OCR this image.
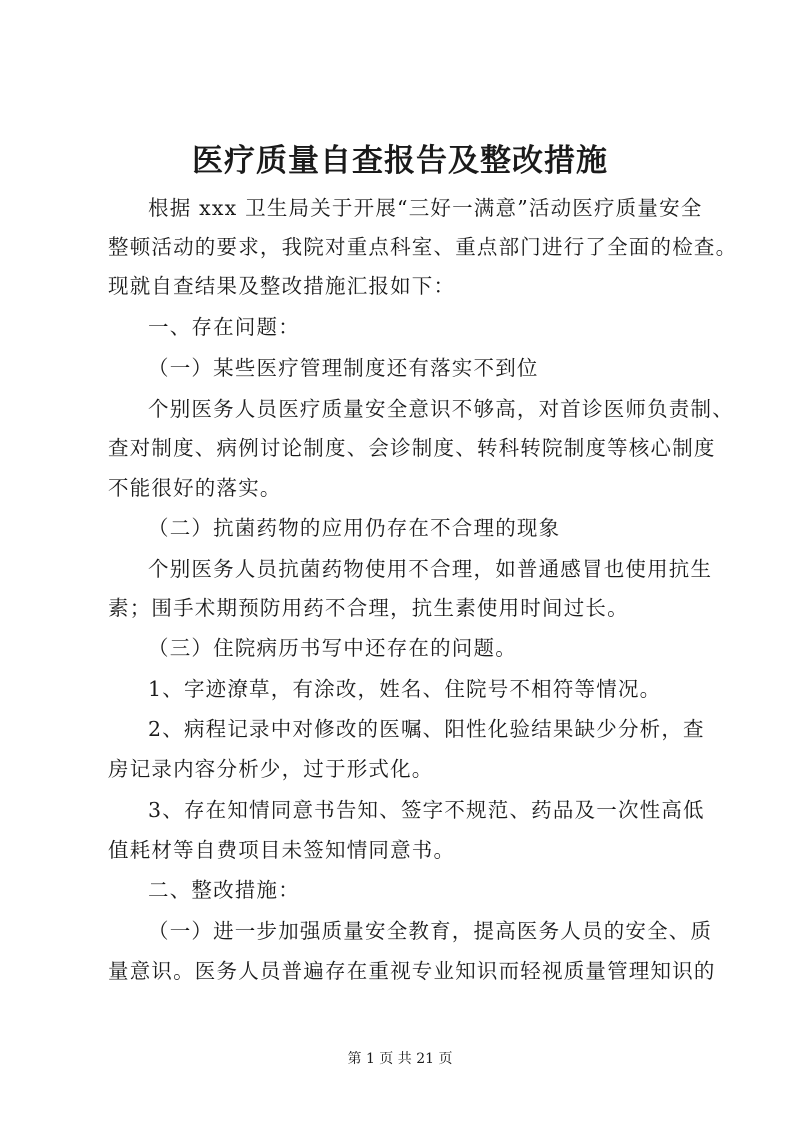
医疗质量自查报告及整改措施
根据 xxx 卫生局关于开展“三好一满意”活动医疗质量安全
整顿活动的要求，我院对重点科室、重点部门进行了全面的检查。
现就自查结果及整改措施汇报如下：
一、存在问题：
（一）某些医疗管理制度还有落实不到位
个别医务人员医疗质量安全意识不够高，对首诊医师负责制、
查对制度、病例讨论制度、会诊制度、转科转院制度等核心制度
不能很好的落实。
（二）抗菌药物的应用仍存在不合理的现象
个别医务人员抗菌药物使用不合理，如普通感冒也使用抗生
素；围手术期预防用药不合理，抗生素使用时间过长。
（三）住院病历书写中还存在的问题。
1、字迹潦草，有涂改，姓名、住院号不相符等情况。
2、病程记录中对修改的医嘱、阳性化验结果缺少分析，查
房记录内容分析少，过于形式化。
3、存在知情同意书告知、签字不规范、药品及一次性高低
值耗材等自费项目未签知情同意书。
二、整改措施：
（一）进一步加强质量安全教育，提高医务人员的安全、质
量意识。医务人员普遍存在重视专业知识而轻视质量管理知识的
第 1 页 共 21 页
